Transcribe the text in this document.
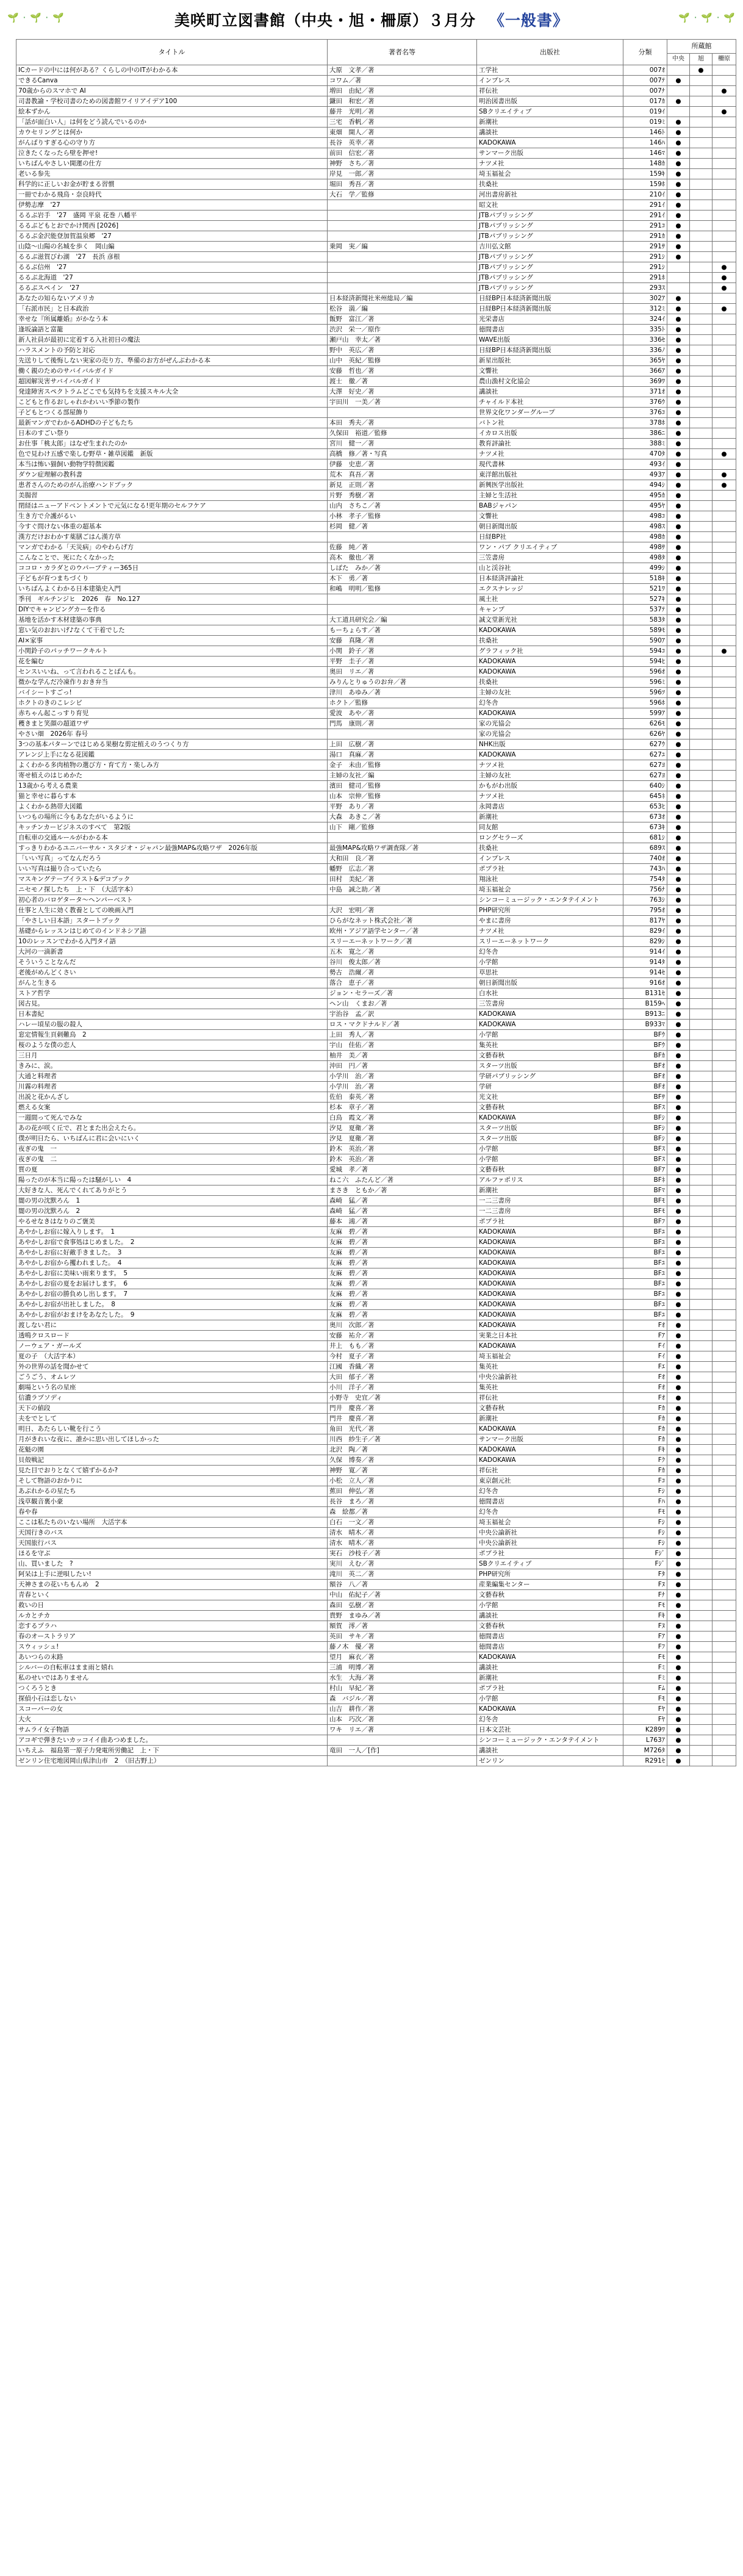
🌱 · 🌱 · 🌱	美咲町立図書館（中央・旭・柵原）３月分 《一般書》	🌱 · 🌱 · 🌱
タイトル	著者名等	出版社	分類	所蔵館		
				中央	旭	柵原
ICカードの中には何がある？くらしの中のITがわかる本	大原　文孝／著	工学社	007ｵ		●	
できるCanva	コワム／著	インプレス	007ﾃ	●		
70歳からのスマホで AI	増田　由紀／著	祥伝社	007ﾅ			●
司書教諭・学校司書のための図書館ワイリアイデア100	鎌田　和宏／著	明治図書出版	017ｶ	●		
絵本ずかん	藤井　光明／著	SBクリエイティブ	019ｲ			●
「話が面白い人」は何をどう読んでいるのか	三宅　香帆／著	新潮社	019ﾐ	●		
カウセリングとは何か	東畑　開人／著	講談社	146ﾄ	●		
がんばりすぎる心の守り方	長谷　英幸／著	KADOKAWA	146ﾊ	●		
泣きたくなったら壁を押せ!	前田　信宏／著	サンマーク出版	146ﾏ	●		
いちばんやさしい開運の仕方	神野　さち／著	ナツメ社	148ｶ	●		
老いる参先	岸見　一郎／著	埼玉福祉会	159ｷ	●		
科学的に正しいお金が貯まる習慣	堀田　秀吾／著	扶桑社	159ﾎ	●		
一冊でわかる飛鳥・奈良時代	大石　学／監修	河出書房新社	210ｲ	●		
伊勢志摩　'27		昭文社	291ｲ	●		
るるぶ岩手　'27　盛岡 平泉 花巻 八幡平		JTBパブリッシング	291ｲ	●		
るるぶどもとおでかけ関西 [2026]		JTBパブリッシング	291ｺ	●		
るるぶ金沢能登加賀温泉郷　'27		JTBパブリッシング	291ｶ	●		
山陰～山陽の名城を歩く　岡山編	乗岡　実／編	吉川弘文館	291ｻ	●		
るるぶ滋賀びわ湖　'27　長浜 彦根		JTBパブリッシング	291ｼ	●		
るるぶ信州　'27		JTBパブリッシング	291ｼ			●
るるぶ北海道　'27		JTBパブリッシング	291ﾎ			●
るるぶスペイン　'27		JTBパブリッシング	293ｽ			●
あなたの知らないアメリカ	日本経済新聞社米州総局／編	日経BP日本経済新聞出版	302ｱ	●		
「右派市民」と日本政治	松谷　満／編	日経BP日本経済新聞出版	312ﾐ	●		●
幸せな『所属離婚』がかなう本	飯野　富江／著	光栄書店	324ｲ	●		
逢坂論語と富籠	渋沢　栄一／原作	徳間書店	335ﾄ	●		
新人社員が最初に定着する入社初日の魔法	瀬戸山　幸太／著	WAVE出版	336ｾ	●		
ハラスメントの予防と対応	野中　英広／著	日経BP日本経済新聞出版	336ﾉ	●		
先送りして後悔しない実家の売り方、準備のお方がぜんぶわかる本	山中　英紀／監修	新星出版社	365ﾔ	●		
働く親のためのサバイバルガイド	安藤　哲也／著	文響社	366ｱ	●		
超図解災害サバイバルガイド	渡士　徹／著	農山漁村文化協会	369ﾜ	●		
発達障害スペクトラムどこでも気持ちを支援スキル大全	大澤　好史／著	講談社	371ｵ	●		
こどもと作るおしゃれかわいい季節の製作	宇田川　一美／著	チャイルド本社	376ｳ	●		
子どもとつくる部屋飾り		世界文化ワンダーグループ	376ｺ	●		
最新マンガでわかるADHDの子どもたち	本田　秀夫／著	バトン社	378ﾎ	●		
日本のすごい祭り	久保田　裕道／監修	イカロス出版	386ﾆ	●		
お仕事「桃太郎」はなぜ生まれたのか	宮川　健一／著	教育評論社	388ﾐ	●		
色で見わけ五感で楽しむ野草・雑草図鑑　新版	高橋　修／著・写真	ナツメ社	470ﾀ	●		●
本当は怖い猫飼い動物学特徴図鑑	伊藤　史恵／著	現代書林	493ｲ	●		
ダウン症理解の教科書	荒木　真吾／著	東洋館出版社	493ｱ	●		●
患者さんのためのがん治療ハンドブック	新見　正則／著	新興医学出版社	494ｼ	●		●
美腸習	片野　秀樹／著	主婦と生活社	495ｶ	●		
閉経はニューアドベントメントで元気になる!更年期のセルフケア	山内　さちこ／著	BABジャパン	495ﾔ	●		
生き方で介護がるい	小林　孝子／監修	文響社	498ｺ	●		
今すぐ問けない体重の超基本	杉岡　健／著	朝日新聞出版	498ｽ	●		
漢方だけおわかす薬膳ごはん漢方草		日経BP社	498ｶ	●		
マンガでわかる「天災病」のやわらげ方	佐藤　純／著	ワン・パブ クリエイティブ	498ｻ	●		
こんなことで、死にたくなかった	高木　徹也／著	三笠書房	498ﾀ	●		
ココロ・カラダとのウパーブティー365日	しばた　みか／著	山と渓谷社	499ｼ	●		
子どもが育つまちづくり	木下　勇／著	日本経済評論社	518ｷ	●		
いちばんよくわかる日本建築史入門	和嶋　明明／監修	エクスナレッジ	521ﾜ	●		
季刊　ギルチンジヒ　2026　春　No.127		風土社	527ｷ	●		
DIYでキャンピングカーを作る		キャンプ	537ﾃ	●		
基地を活かす木材建築の事典	大工道具研究会／編	誠文堂新光社	583ﾀ	●		
窓い気のおおいげ♪なくて干着でした	もーちょらす／著	KADOKAWA	589ﾓ	●		
AI×家事	安藤　真隆／著	扶桑社	590ｱ	●		
小関鈴子のパッチワークキルト	小関　鈴子／著	グラフィック社	594ｺ	●		●
花を編む	平野　圭子／著	KADOKAWA	594ﾋ	●		
センスいいね、って言われることばんも。	奥田　リエ／著	KADOKAWA	596ｵ	●		
微かな学んだ冷凍作りおき弁当	みりんとりゅうのお弁／著	扶桑社	596ﾐ	●		
バイシートすごっ!	津川　あゆみ／著	主婦の友社	596ﾂ	●		
ホクトのきのこレシピ	ホクト／監修	幻冬舎	596ﾎ	●		
赤ちゃん起こっすり育児	愛波　あや／著	KADOKAWA	599ｱ	●		
穫きまと笑顔の超道ワザ	門馬　康則／著	家の光協会	626ﾓ	●		
やさい畑　2026年 春号		家の光協会	626ﾔ	●		
3つの基本パターンではじめる果樹な剪定植えのうつくり方	上田　広樹／著	NHK出版	627ｳ	●		
アレンジ上手になる花図鑑	湯口　真麻／著	KADOKAWA	627ﾕ	●		
よくわかる多肉植物の選び方・育て方・楽しみ方	金子　未由／監修	ナツメ社	627ﾖ	●		
寄せ植えのはじめかた	主婦の友社／編	主婦の友社	627ﾖ	●		
13歳から考える農業	濱田　健司／監修	かもがわ出版	640ｼ	●		
猫と幸せに暮らす本	山本　宗伸／監修	ナツメ社	645ﾈ	●		
よくわかる熱帯大図鑑	平野　あり／著	永岡書店	653ﾋ	●		
いつもの場所に今もあなたがいるように	大森　あきこ／著	新潮社	673ｵ	●		
キッチンカービジネスのすべて　第2版	山下　剛／監修	同友館	673ｷ	●		
自転車の交通ルールがわかる本		ロングセラーズ	681ｼ	●		
すっきりわかるユニバーサル・スタジオ・ジャパン最強MAP&攻略ワザ　2026年版	最強MAP&攻略ワザ調査隊／著	扶桑社	689ｽ	●		
「いい写真」ってなんだろう	大和田　良／著	インプレス	740ｵ	●		
いい写真は撮り合っていたら	幡野　広志／著	ポプラ社	743ﾊ	●		
マスキングテーブイラスト&デコブック	田村　美紀／著	翔泳社	754ﾀ	●		
ニセモノ探したち　上・下　（大活字本）	中島　誠之助／著	埼玉福祉会	756ﾅ	●		
初心者のバロゲタータ～ヘンパーベスト		シンコーミュージック・エンタテイメント	763ｼ	●		
仕事と人生に効く教養としての映画入門	大沢　宏明／著	PHP研究所	795ｵ	●		
「やさしい日本語」スタートブック	ひらがなネット株式会社／著	やまに書房	817ﾔ	●		
基礎からレッスンはじめてのインドネシア語	欧州・アジア語学センター／著	ナツメ社	829ｲ	●		
10のレッスンでわかる入門タイ語	スリーエーネットワーク／著	スリーエーネットワーク	829ｼ	●		
大河の一滴新書	五木　寛之／著	幻冬舎	914ｲ	●		
そういうことなんだ	谷川　俊太郎／著	小学館	914ﾀ	●		
老後がめんどくさい	勢古　浩爾／著	草思社	914ｾ	●		
がんと生きる	落合　恵子／著	朝日新聞出版	916ｵ	●		
ストア哲学	ジョン・セラーズ／著	白水社	B131ｾ	●		
図古見。	ヘン山　くまお／著	三笠書房	B159ﾍ	●		
日本書紀	宇治谷　孟／訳	KADOKAWA	B913ﾆ	●		
ハレー頃星の服の殺人	ロス・マクドナルド／著	KADOKAWA	B933ﾏ	●		
窓定情報生頁刺難鳥　2	上田　秀人／著	小学館	BFｳ	●		
桜のような僕の恋人	宇山　佳佑／著	集英社	BFｳ	●		
三日月	柚井　美／著	文藝春秋	BFｶ	●		
きみに、涙。	沖田　円／著	スターツ出版	BFｵ	●		
大通と料理者	小学川　治／著	学研パブリッシング	BFｵ	●		
川霧の料理者	小学川　治／著	学研	BFｵ	●		
出説と花かんざし	佐伯　泰英／著	光文社	BFｻ	●		
燃える女案	杉本　章子／著	文藝春秋	BFｽ	●		
一週間って死んでみな	白鳥　霞文／著	KADOKAWA	BFｼ	●		
あの花が咲く丘で、君とまた出会えたら。	汐見　夏衛／著	スターツ出版	BFｼ	●		
僕が明日たら、いちばんに君に会いにいく	汐見　夏衛／著	スターツ出版	BFｼ	●		
夜ぎの鬼　一	鈴木　英治／著	小学館	BFｽ	●		
夜ぎの鬼　二	鈴木　英治／著	小学館	BFｽ	●		
質の夏	愛城　孝／著	文藝春秋	BFｱ	●		
陽ったのが本当に陽ったは騒がしい　4	ねこ六　ふたんど／著	アルファポリス	BFﾈ	●		
大好きな人、死んでくれてありがとう	まさき　ともか／著	新潮社	BFﾏ	●		
闇の男の沈默ろん　1	森崎　猛／著	一二三書房	BFﾓ	●		
闇の男の沈默ろん　2	森崎　猛／著	一二三書房	BFﾓ	●		
やるせなきはなりのご褒美	藤本　鴻／著	ポプラ社	BFﾌ	●		
あやかしお宿に嫁入りします。　1	友麻　碧／著	KADOKAWA	BFﾕ	●		
あやかしお宿で食事処はじめました。　2	友麻　碧／著	KADOKAWA	BFﾕ	●		
あやかしお宿に好敵手きました。　3	友麻　碧／著	KADOKAWA	BFﾕ	●		
あやかしお宿から攫われました。　4	友麻　碧／著	KADOKAWA	BFﾕ	●		
あやかしお宿に美味い雨来ります。　5	友麻　碧／著	KADOKAWA	BFﾕ	●		
あやかしお宿の夏をお届けします。　6	友麻　碧／著	KADOKAWA	BFﾕ	●		
あやかしお宿の勝負めし出します。　7	友麻　碧／著	KADOKAWA	BFﾕ	●		
あやかしお宿が出社しました。　8	友麻　碧／著	KADOKAWA	BFﾕ	●		
あやかしお宿がおまけをあなたした。　9	友麻　碧／著	KADOKAWA	BFﾕ	●		
渡しない君に	奥川　次郎／著	KADOKAWA	Fｵ	●		
透鳴クロスロード	安藤　祐介／著	実業之日本社	Fｱ	●		
ノーウェア・ガールズ	井上　もも／著	KADOKAWA	Fｲ	●		
夏の子　（大活字本）	今村　夏子／著	埼玉福祉会	Fｲ	●		
外の世界の話を聞かせて	江國　香織／著	集英社	Fｴ	●		
ごうごう、オムレツ	大田　郁子／著	中央公論新社	Fｵ	●		
劇場という名の星座	小川　洋子／著	集英社	Fｵ	●		
信濃ラプソディ	小野寺　史宜／著	祥伝社	Fｵ	●		
天下の値段	門井　慶喜／著	文藝春秋	Fｶ	●		
夫をでとして	門井　慶喜／著	新潮社	Fｶ	●		
明日、あたらしい靴を行こう	角田　光代／著	KADOKAWA	Fｶ	●		
月がきれいな夜に、誰かに思い出してほしかった	川西　紗生子／著	サンマーク出版	Fｶ	●		
花魁の園	北沢　陶／著	KADOKAWA	Fｷ	●		
貝殻戦記	久保　博奏／著	KADOKAWA	Fｸ	●		
見た目でおりとなくて嬉ずかるか?	神野　寛／著	祥伝社	Fｶ	●		
そして物語のおかりに	小松　立人／著	東京創元社	Fｺ	●		
あぶれかるの星たち	蕉田　伸弘／著	幻冬舎	Fｼ	●		
浅草観音裏小豪	長谷　まろ／著	徳間書店	Fﾊ	●		
春や春	森　絵都／著	幻冬舎	Fﾓ	●		
ここは私たちのいない場所　大活字本	白石　一文／著	埼玉福祉会	Fｼ	●		
天国行きのバス	清水　晴木／著	中央公論新社	Fｼ	●		
天国旅行バス	清水　晴木／著	中央公論新社	Fｼ	●		
ほるを守ぶ	実石　沙枝子／著	ポプラ社	Fｼﾞ	●		
山、買いました　?	実川　えむ／著	SBクリエイティブ	Fｼﾞ	●		
阿呆は上手に逆唄したい!	滝川　英二／著	PHP研究所	Fﾀ	●		
天神さまの花いちもんめ　2	額谷　八／著	産業編集センター	Fﾇ	●		
青春といく	中山　佑紀子／著	文藝春秋	Fﾅ	●		
救いの日	森田　弘樹／著	小学館	Fﾓ	●		
ルカとチカ	貴野　まゆみ／著	講談社	Fｷ	●		
恋するプラハ	額賀　澪／著	文藝春秋	Fﾇ	●		
春のオーストラリア	英田　サキ／著	徳間書店	Fｱ	●		
スウィッシュ!	藤ノ木　優／著	徳間書店	Fﾌ	●		
あいつらの末路	望月　麻衣／著	KADOKAWA	Fﾓ	●		
シルバーの自転車はまま雨と嬉れ	三浦　明博／著	講談社	Fﾐ	●		
私のせいではありません	水生　大海／著	新潮社	Fﾐ	●		
つくろうとき	村山　早紀／著	ポプラ社	Fﾑ	●		
探偵小石は恋しない	森　バジル／著	小学館	Fﾓ	●		
スコーパーの女	山吉　耕作／著	KADOKAWA	Fﾔ	●		
大火	山本　巧次／著	幻冬舎	Fﾔ	●		
サムライ女子物語	ワキ　リエ／著	日本文芸社	K289ﾜ	●		
アコギで弾きたいカッコイイ曲あつめました。		シンコーミュージック・エンタテイメント	L763ｱ	●		
いちえふ　福島第一原子力発電所労働記　上・下	竜田　一人／[作]	講談社	M726ﾀ	●		
ゼンリン住宅地図岡山県津山市　2　（旧古野上）		ゼンリン	R291ｾ	●		
